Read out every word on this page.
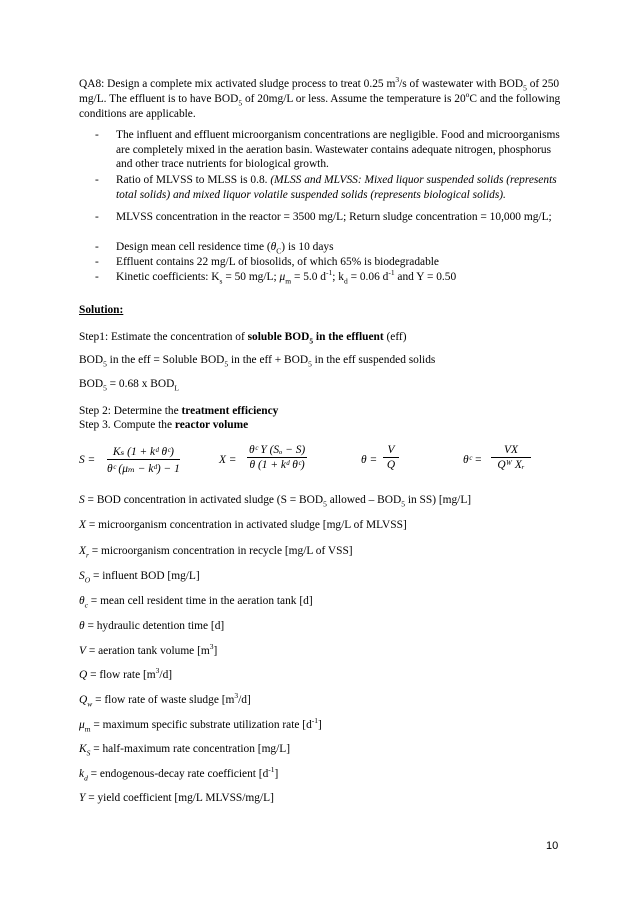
QA8: Design a complete mix activated sludge process to treat 0.25 $m^3/s$ of wastewater with $BOD_5$ of 250 mg/L. The effluent is to have $BOD_5$ of 20mg/L or less. Assume the temperature is 20$^o$C and the following conditions are applicable.
-	The influent and effluent microorganism concentrations are negligible. Food and microorganisms are completely mixed in the aeration basin. Wastewater contains adequate nitrogen, phosphorus and other trace nutrients for biological growth.
-	Ratio of MLVSS to MLSS is 0.8. (MLSS and MLVSS: Mixed liquor suspended solids (represents total solids) and mixed liquor volatile suspended solids (represents biological solids).
-	MLVSS concentration in the reactor = 3500 mg/L; Return sludge concentration = 10,000 mg/L;
-	Design mean cell residence time $(\theta_C)$ is 10 days
-	Effluent contains 22 mg/L of biosolids, of which 65% is biodegradable
-	Kinetic coefficients: $K_s = 50$ mg/L; $\mu_m = 5.0$ $d^{-1}$; $k_d = 0.06$ $d^{-1}$ and Y = 0.50
Solution:
Step1: Estimate the concentration of soluble $BOD_5$ in the effluent (eff)
$BOD_5$ in the eff = Soluble $BOD_5$ in the eff + $BOD_5$ in the eff suspended solids
$BOD_5 = 0.68$ x $BOD_L$
Step 2: Determine the treatment efficiency
Step 3. Compute the reactor volume
$S = \frac{\text{Kₛ (1 + kᵈ θᶜ)}}{\text{θᶜ (μₘ − kᵈ) − 1}}$	$X = \frac{\text{θᶜ Y (Sₒ − S)}}{\text{θ (1 + kᵈ θᶜ)}}$	$\theta = \frac{V}{Q}$	θᶜ = $\frac{VX}{\text{Qᵂ Xᵣ}}$
S = BOD concentration in activated sludge ($S = BOD_5$ allowed – $BOD_5$ in SS) [mg/L]
X = microorganism concentration in activated sludge [mg/L of MLVSS]
$X_r$ = microorganism concentration in recycle [mg/L of VSS]
$S_O$ = influent BOD [mg/L]
$\theta_c$ = mean cell resident time in the aeration tank [d]
θ = hydraulic detention time [d]
V = aeration tank volume $[m^3]$
Q = flow rate $[m^3/d]$
$Q_w$ = flow rate of waste sludge $[m^3/d]$
$\mu_m$ = maximum specific substrate utilization rate $[d^{-1}]$
$K_S$ = half-maximum rate concentration [mg/L]
$k_d$ = endogenous-decay rate coefficient $[d^{-1}]$
Y = yield coefficient [mg/L MLVSS/mg/L]
10
